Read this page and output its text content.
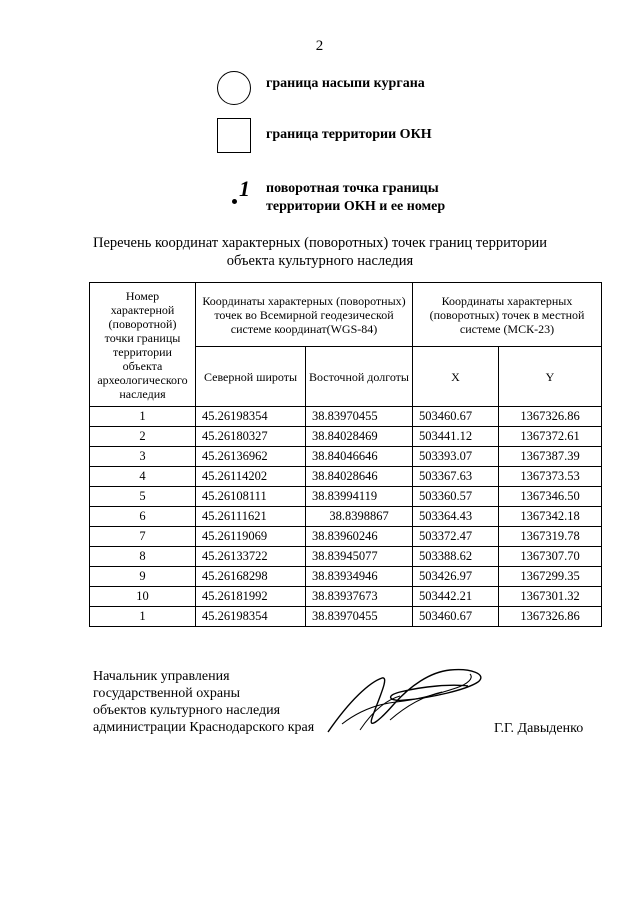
2
граница насыпи кургана
граница территории ОКН
1 поворотная точка границы
территории ОКН и ее номер
Перечень координат характерных (поворотных) точек границ территории
объекта культурного наследия
Номер характерной (поворотной) точки границы территории объекта археологического наследия	Координаты характерных (поворотных) точек во Всемирной геодезической системе координат(WGS-84)		Координаты характерных (поворотных) точек в местной системе (МСК-23)	
	Северной широты	Восточной долготы	X	Y
1	45.26198354	38.83970455	503460.67	1367326.86
2	45.26180327	38.84028469	503441.12	1367372.61
3	45.26136962	38.84046646	503393.07	1367387.39
4	45.26114202	38.84028646	503367.63	1367373.53
5	45.26108111	38.83994119	503360.57	1367346.50
6	45.26111621	38.8398867	503364.43	1367342.18
7	45.26119069	38.83960246	503372.47	1367319.78
8	45.26133722	38.83945077	503388.62	1367307.70
9	45.26168298	38.83934946	503426.97	1367299.35
10	45.26181992	38.83937673	503442.21	1367301.32
1	45.26198354	38.83970455	503460.67	1367326.86
Начальник управления
государственной охраны
объектов культурного наследия
администрации Краснодарского края	Г.Г. Давыденко
